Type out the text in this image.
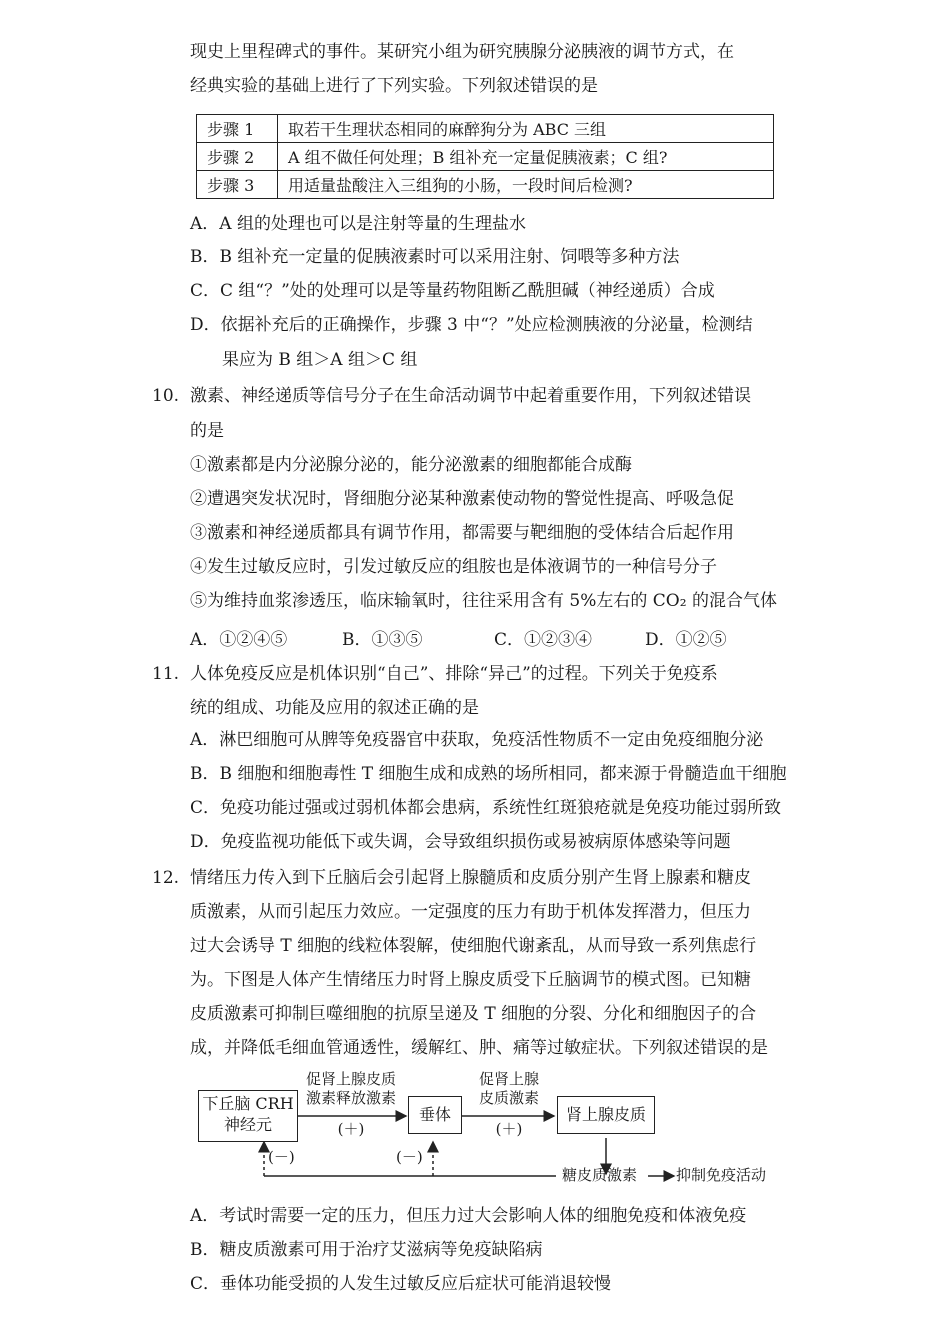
现史上里程碑式的事件。某研究小组为研究胰腺分泌胰液的调节方式，在
经典实验的基础上进行了下列实验。下列叙述错误的是
步骤 1	取若干生理状态相同的麻醉狗分为 ABC 三组
步骤 2	A 组不做任何处理；B 组补充一定量促胰液素；C 组?
步骤 3	用适量盐酸注入三组狗的小肠，一段时间后检测?
A．A 组的处理也可以是注射等量的生理盐水
B．B 组补充一定量的促胰液素时可以采用注射、饲喂等多种方法
C．C 组“？”处的处理可以是等量药物阻断乙酰胆碱（神经递质）合成
D．依据补充后的正确操作，步骤 3 中“？”处应检测胰液的分泌量，检测结
果应为 B 组＞A 组＞C 组
10. 激素、神经递质等信号分子在生命活动调节中起着重要作用，下列叙述错误
的是
①激素都是内分泌腺分泌的，能分泌激素的细胞都能合成酶
②遭遇突发状况时，肾细胞分泌某种激素使动物的警觉性提高、呼吸急促
③激素和神经递质都具有调节作用，都需要与靶细胞的受体结合后起作用
④发生过敏反应时，引发过敏反应的组胺也是体液调节的一种信号分子
⑤为维持血浆渗透压，临床输氧时，往往采用含有 5%左右的 CO₂ 的混合气体
A．①②④⑤	B．①③⑤	C．①②③④	D．①②⑤
11. 人体免疫反应是机体识别“自己”、排除“异己”的过程。下列关于免疫系
统的组成、功能及应用的叙述正确的是
A．淋巴细胞可从脾等免疫器官中获取，免疫活性物质不一定由免疫细胞分泌
B．B 细胞和细胞毒性 T 细胞生成和成熟的场所相同，都来源于骨髓造血干细胞
C．免疫功能过强或过弱机体都会患病，系统性红斑狼疮就是免疫功能过弱所致
D．免疫监视功能低下或失调，会导致组织损伤或易被病原体感染等问题
12. 情绪压力传入到下丘脑后会引起肾上腺髓质和皮质分别产生肾上腺素和糖皮
质激素，从而引起压力效应。一定强度的压力有助于机体发挥潜力，但压力
过大会诱导 T 细胞的线粒体裂解，使细胞代谢紊乱，从而导致一系列焦虑行
为。下图是人体产生情绪压力时肾上腺皮质受下丘脑调节的模式图。已知糖
皮质激素可抑制巨噬细胞的抗原呈递及 T 细胞的分裂、分化和细胞因子的合
成，并降低毛细血管通透性，缓解红、肿、痛等过敏症状。下列叙述错误的是
下丘脑 CRH
神经元
垂体	肾上腺皮质
促肾上腺皮质
激素释放激素
(＋)
促肾上腺
皮质激素
(＋)
(－)	(－)
糖皮质激素	抑制免疫活动
A．考试时需要一定的压力，但压力过大会影响人体的细胞免疫和体液免疫
B．糖皮质激素可用于治疗艾滋病等免疫缺陷病
C．垂体功能受损的人发生过敏反应后症状可能消退较慢
